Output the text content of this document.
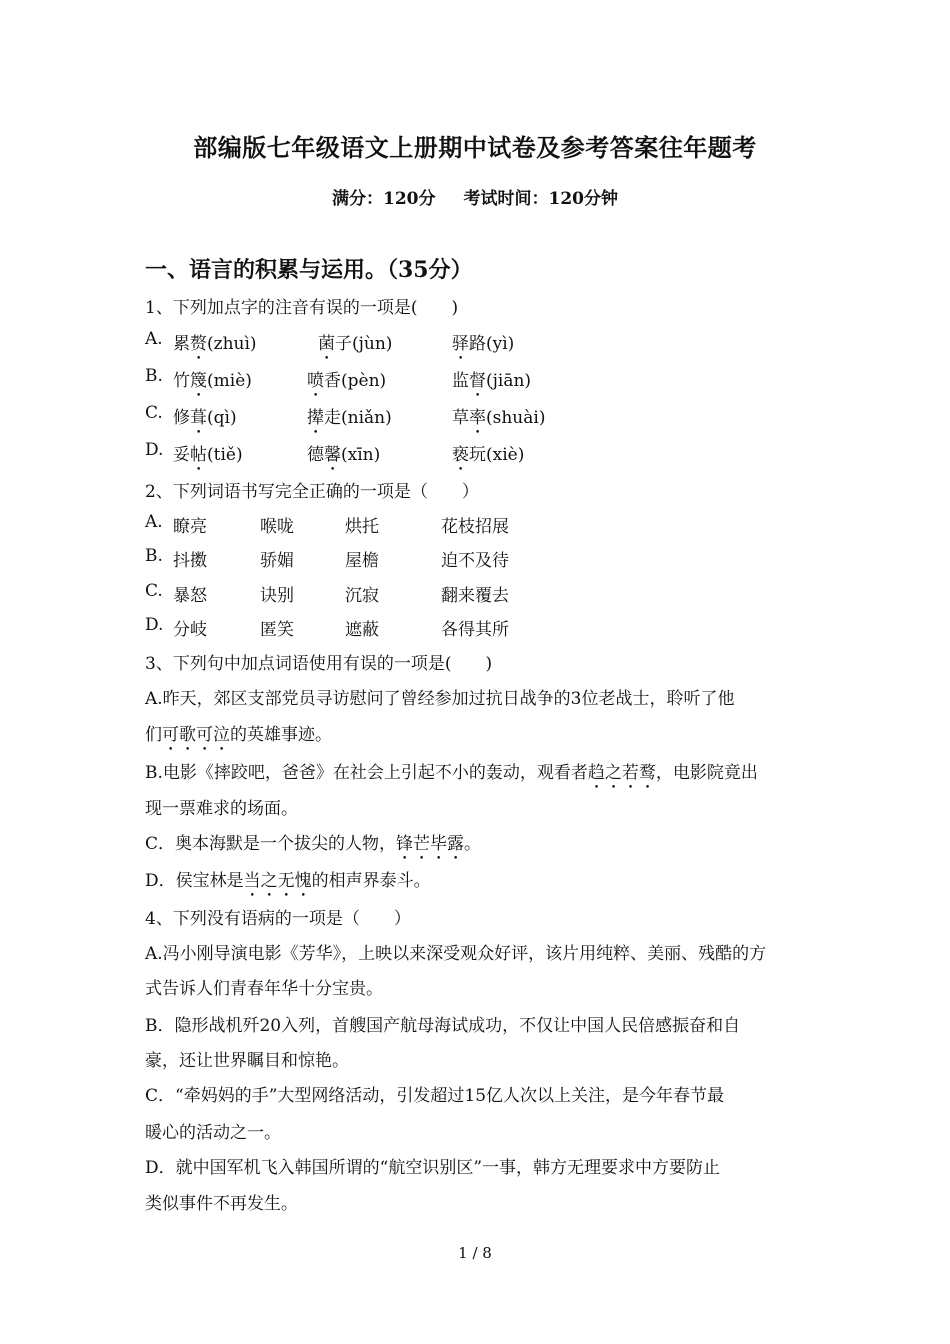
部编版七年级语文上册期中试卷及参考答案往年题考
满分：120分 考试时间：120分钟
一、语言的积累与运用。（35分）
1、下列加点字的注音有误的一项是(　　)
A. 累赘(zhuì)	菌子(jùn)	驿路(yì)
B. 竹篾(miè)	喷香(pèn)	监督(jiān)
C. 修葺(qì)	撵走(niǎn)	草率(shuài)
D. 妥帖(tiě)	德馨(xīn)	亵玩(xiè)
2、下列词语书写完全正确的一项是（　　）
A. 瞭亮	喉咙	烘托	花枝招展
B. 抖擞	骄媚	屋檐	迫不及待
C. 暴怒	诀别	沉寂	翻来覆去
D. 分岐	匿笑	遮蔽	各得其所
3、下列句中加点词语使用有误的一项是(　　)
A.昨天，郊区支部党员寻访慰问了曾经参加过抗日战争的3位老战士，聆听了他
们可歌可泣的英雄事迹。
B.电影《摔跤吧，爸爸》在社会上引起不小的轰动，观看者趋之若鹜，电影院竟出
现一票难求的场面。
C．奥本海默是一个拔尖的人物，锋芒毕露。
D．侯宝林是当之无愧的相声界泰斗。
4、下列没有语病的一项是（　　）
A.冯小刚导演电影《芳华》，上映以来深受观众好评，该片用纯粹、美丽、残酷的方
式告诉人们青春年华十分宝贵。
B．隐形战机歼20入列，首艘国产航母海试成功，不仅让中国人民倍感振奋和自
豪，还让世界瞩目和惊艳。
C．“牵妈妈的手”大型网络活动，引发超过15亿人次以上关注，是今年春节最
暖心的活动之一。
D．就中国军机飞入韩国所谓的“航空识别区”一事，韩方无理要求中方要防止
类似事件不再发生。
1 / 8
